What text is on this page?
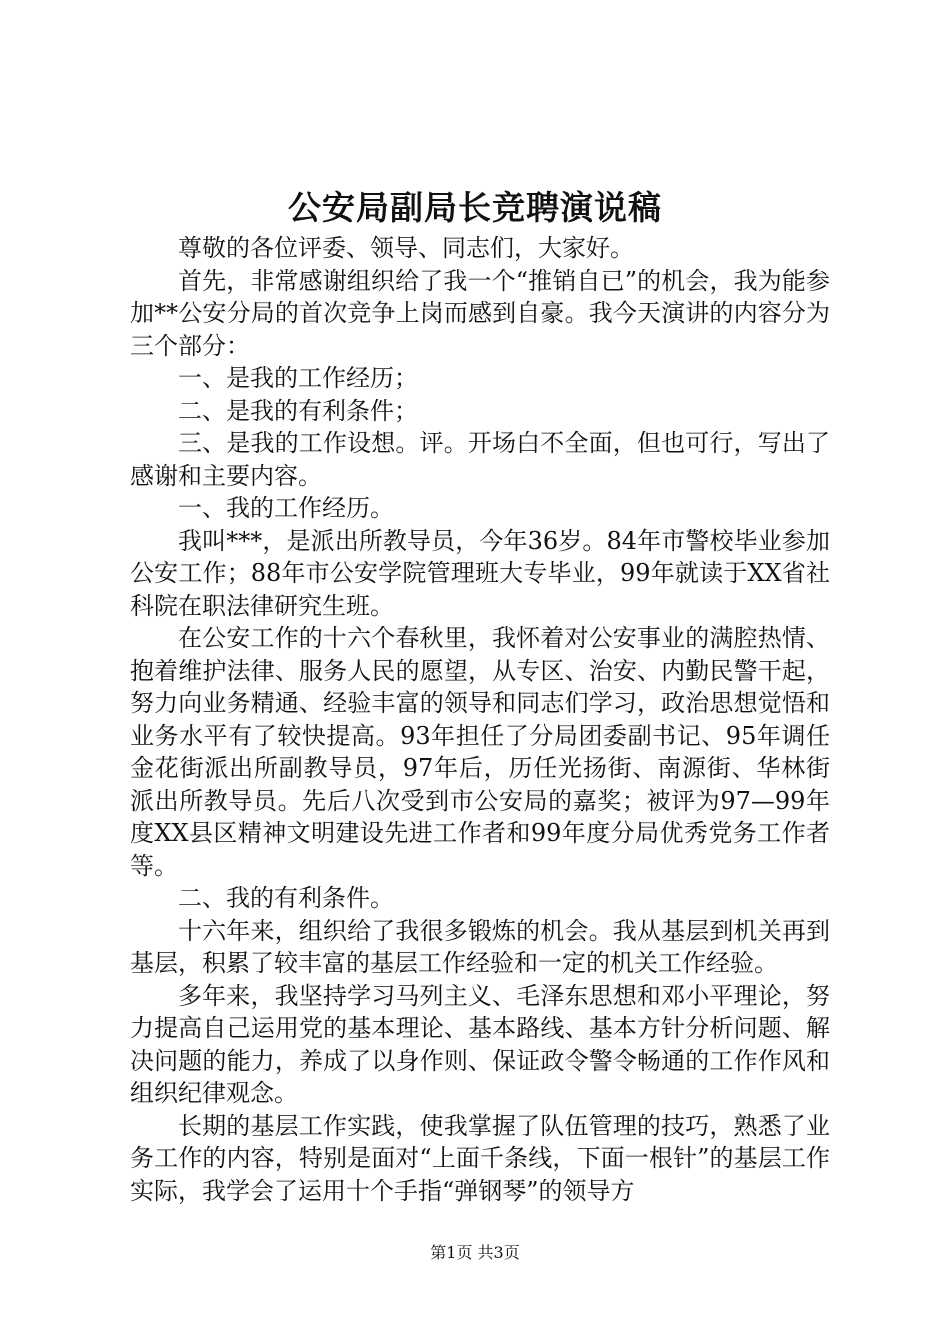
公安局副局长竞聘演说稿

尊敬的各位评委、领导、同志们，大家好。

首先，非常感谢组织给了我一个“推销自已”的机会，我为能参加**公安分局的首次竞争上岗而感到自豪。我今天演讲的内容分为三个部分：

一、是我的工作经历；

二、是我的有利条件；

三、是我的工作设想。评。开场白不全面，但也可行，写出了感谢和主要内容。

一、我的工作经历。

我叫***，是派出所教导员，今年36岁。84年市警校毕业参加公安工作；88年市公安学院管理班大专毕业，99年就读于XX省社科院在职法律研究生班。

在公安工作的十六个春秋里，我怀着对公安事业的满腔热情、抱着维护法律、服务人民的愿望，从专区、治安、内勤民警干起，努力向业务精通、经验丰富的领导和同志们学习，政治思想觉悟和业务水平有了较快提高。93年担任了分局团委副书记、95年调任金花街派出所副教导员，97年后，历任光扬街、南源街、华林街派出所教导员。先后八次受到市公安局的嘉奖；被评为97—99年度XX县区精神文明建设先进工作者和99年度分局优秀党务工作者等。

二、我的有利条件。

十六年来，组织给了我很多锻炼的机会。我从基层到机关再到基层，积累了较丰富的基层工作经验和一定的机关工作经验。

多年来，我坚持学习马列主义、毛泽东思想和邓小平理论，努力提高自己运用党的基本理论、基本路线、基本方针分析问题、解决问题的能力，养成了以身作则、保证政令警令畅通的工作作风和组织纪律观念。

长期的基层工作实践，使我掌握了队伍管理的技巧，熟悉了业务工作的内容，特别是面对“上面千条线，下面一根针”的基层工作实际，我学会了运用十个手指“弹钢琴”的领导方

第1页 共3页
